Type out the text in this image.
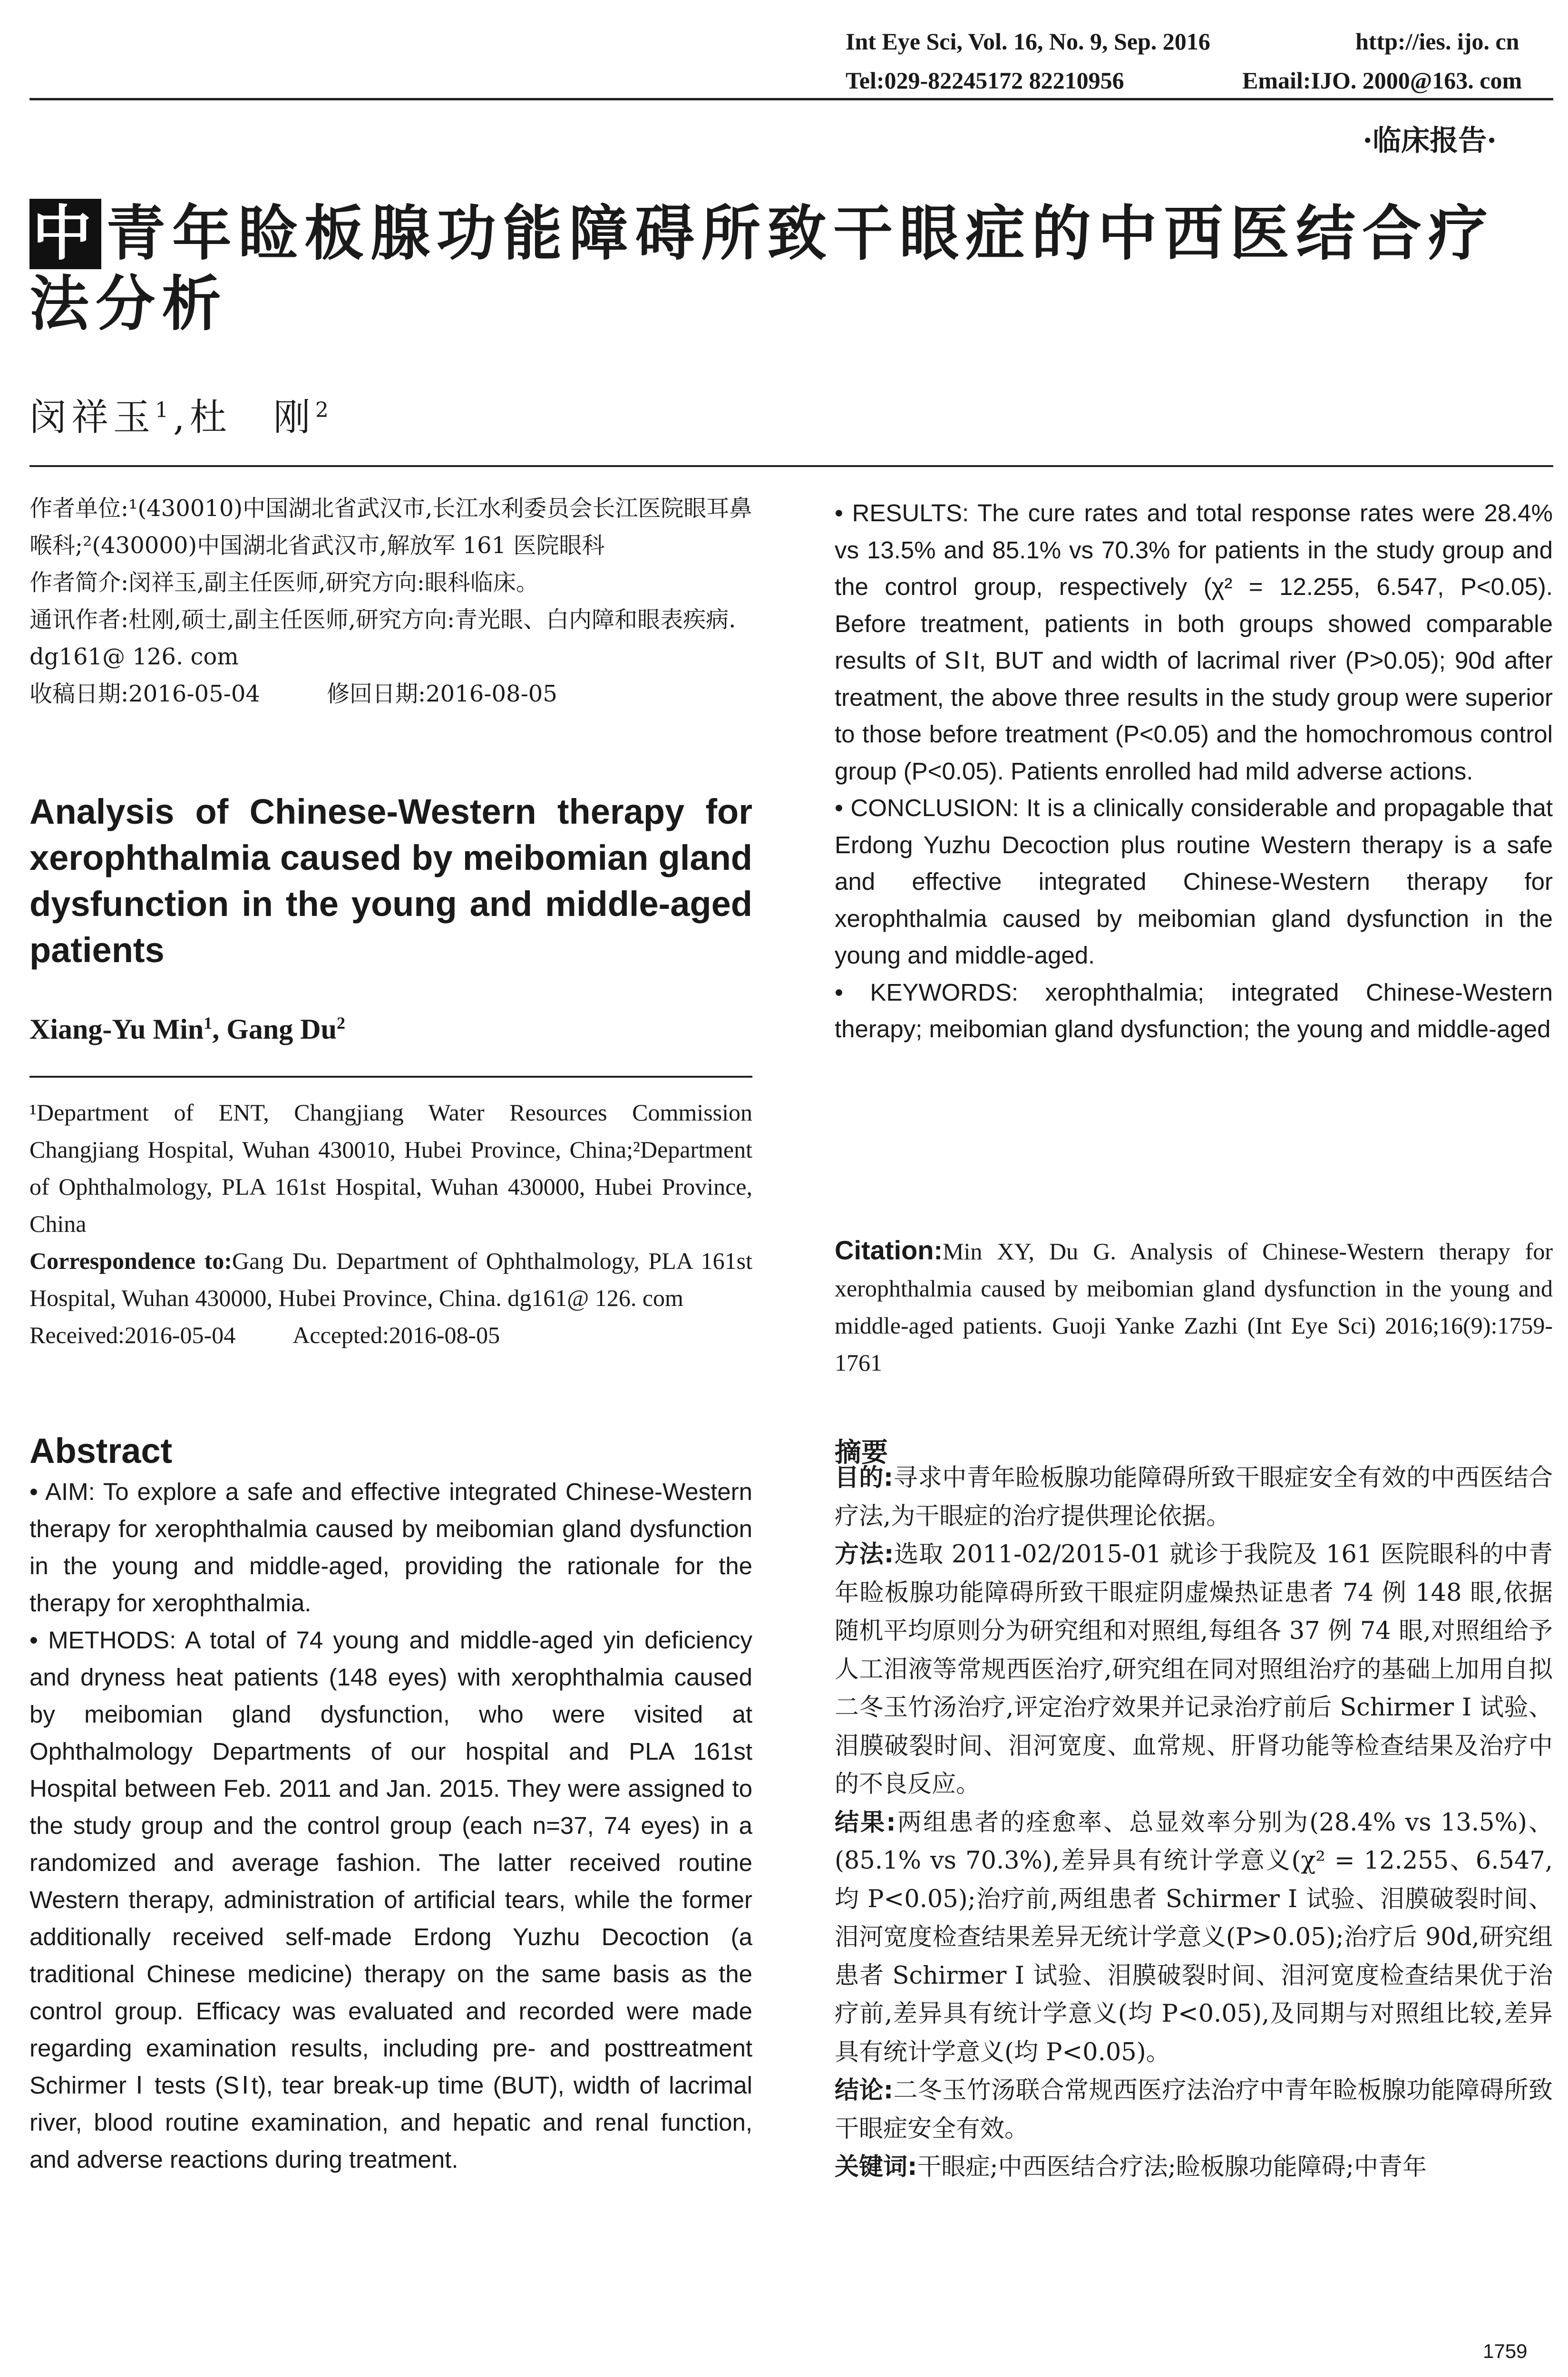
Int Eye Sci, Vol. 16, No. 9, Sep. 2016	http://ies. ijo. cn
Tel:029-82245172 82210956	Email:IJO. 2000@163. com
·临床报告·
中 青年睑板腺功能障碍所致干眼症的中西医结合疗法分析
闵祥玉$^1$,杜　刚$^2$

作者单位:¹(430010)中国湖北省武汉市,长江水利委员会长江医院眼耳鼻喉科;²(430000)中国湖北省武汉市,解放军 161 医院眼科

作者简介:闵祥玉,副主任医师,研究方向:眼科临床。

通讯作者:杜刚,硕士,副主任医师,研究方向:青光眼、白内障和眼表疾病. dg161@ 126. com

收稿日期:2016-05-04	修回日期:2016-08-05

Analysis of Chinese-Western therapy for xerophthalmia caused by meibomian gland dysfunction in the young and middle-aged patients
Xiang-Yu Min$^1$, Gang Du$^2$

¹Department of ENT, Changjiang Water Resources Commission Changjiang Hospital, Wuhan 430010, Hubei Province, China;²Department of Ophthalmology, PLA 161st Hospital, Wuhan 430000, Hubei Province, China

Correspondence to:Gang Du. Department of Ophthalmology, PLA 161st Hospital, Wuhan 430000, Hubei Province, China. dg161@ 126. com

Received:2016-05-04 Accepted:2016-08-05

Abstract

• AIM: To explore a safe and effective integrated Chinese-Western therapy for xerophthalmia caused by meibomian gland dysfunction in the young and middle-aged, providing the rationale for the therapy for xerophthalmia.

• METHODS: A total of 74 young and middle-aged yin deficiency and dryness heat patients (148 eyes) with xerophthalmia caused by meibomian gland dysfunction, who were visited at Ophthalmology Departments of our hospital and PLA 161st Hospital between Feb. 2011 and Jan. 2015. They were assigned to the study group and the control group (each n=37, 74 eyes) in a randomized and average fashion. The latter received routine Western therapy, administration of artificial tears, while the former additionally received self-made Erdong Yuzhu Decoction (a traditional Chinese medicine) therapy on the same basis as the control group. Efficacy was evaluated and recorded were made regarding examination results, including pre- and posttreatment Schirmer Ⅰ tests (SⅠt), tear break-up time (BUT), width of lacrimal river, blood routine examination, and hepatic and renal function, and adverse reactions during treatment.

• RESULTS: The cure rates and total response rates were 28.4% vs 13.5% and 85.1% vs 70.3% for patients in the study group and the control group, respectively (χ² = 12.255, 6.547, P<0.05). Before treatment, patients in both groups showed comparable results of SⅠt, BUT and width of lacrimal river (P>0.05); 90d after treatment, the above three results in the study group were superior to those before treatment (P<0.05) and the homochromous control group (P<0.05). Patients enrolled had mild adverse actions.

• CONCLUSION: It is a clinically considerable and propagable that Erdong Yuzhu Decoction plus routine Western therapy is a safe and effective integrated Chinese-Western therapy for xerophthalmia caused by meibomian gland dysfunction in the young and middle-aged.

• KEYWORDS: xerophthalmia; integrated Chinese-Western therapy; meibomian gland dysfunction; the young and middle-aged

Citation:Min XY, Du G. Analysis of Chinese-Western therapy for xerophthalmia caused by meibomian gland dysfunction in the young and middle-aged patients. Guoji Yanke Zazhi (Int Eye Sci) 2016;16(9):1759-1761
摘要

目的:寻求中青年睑板腺功能障碍所致干眼症安全有效的中西医结合疗法,为干眼症的治疗提供理论依据。

方法:选取 2011-02/2015-01 就诊于我院及 161 医院眼科的中青年睑板腺功能障碍所致干眼症阴虚燥热证患者 74 例 148 眼,依据随机平均原则分为研究组和对照组,每组各 37 例 74 眼,对照组给予人工泪液等常规西医治疗,研究组在同对照组治疗的基础上加用自拟二冬玉竹汤治疗,评定治疗效果并记录治疗前后 Schirmer Ⅰ 试验、泪膜破裂时间、泪河宽度、血常规、肝肾功能等检查结果及治疗中的不良反应。

结果:两组患者的痊愈率、总显效率分别为(28.4% vs 13.5%)、(85.1% vs 70.3%),差异具有统计学意义(χ² = 12.255、6.547,均 P<0.05);治疗前,两组患者 Schirmer Ⅰ 试验、泪膜破裂时间、泪河宽度检查结果差异无统计学意义(P>0.05);治疗后 90d,研究组患者 Schirmer Ⅰ 试验、泪膜破裂时间、泪河宽度检查结果优于治疗前,差异具有统计学意义(均 P<0.05),及同期与对照组比较,差异具有统计学意义(均 P<0.05)。

结论:二冬玉竹汤联合常规西医疗法治疗中青年睑板腺功能障碍所致干眼症安全有效。

关键词:干眼症;中西医结合疗法;睑板腺功能障碍;中青年

1759
